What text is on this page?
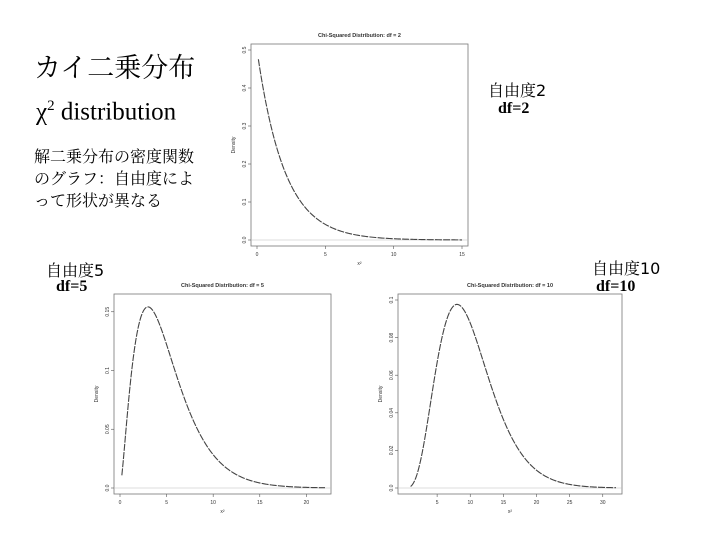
カイ二乗分布
$\chi^2$ distribution
解二乗分布の密度関数のグラフ：自由度によって形状が異なる
自由度2
df=2
自由度5
df=5
自由度10
df=10
Chi-Squared Distribution: df = 2
0.0
0.1
0.2
0.3
0.4
0.5
0	5	10	15
Density
x²
Chi-Squared Distribution: df = 5
0.0
0.05
0.1
0.15
0	5	10	15	20
Density
x²
Chi-Squared Distribution: df = 10
0.0
0.02
0.04
0.06
0.08
0.1
5	10	15	20	25	30
Density
x²
